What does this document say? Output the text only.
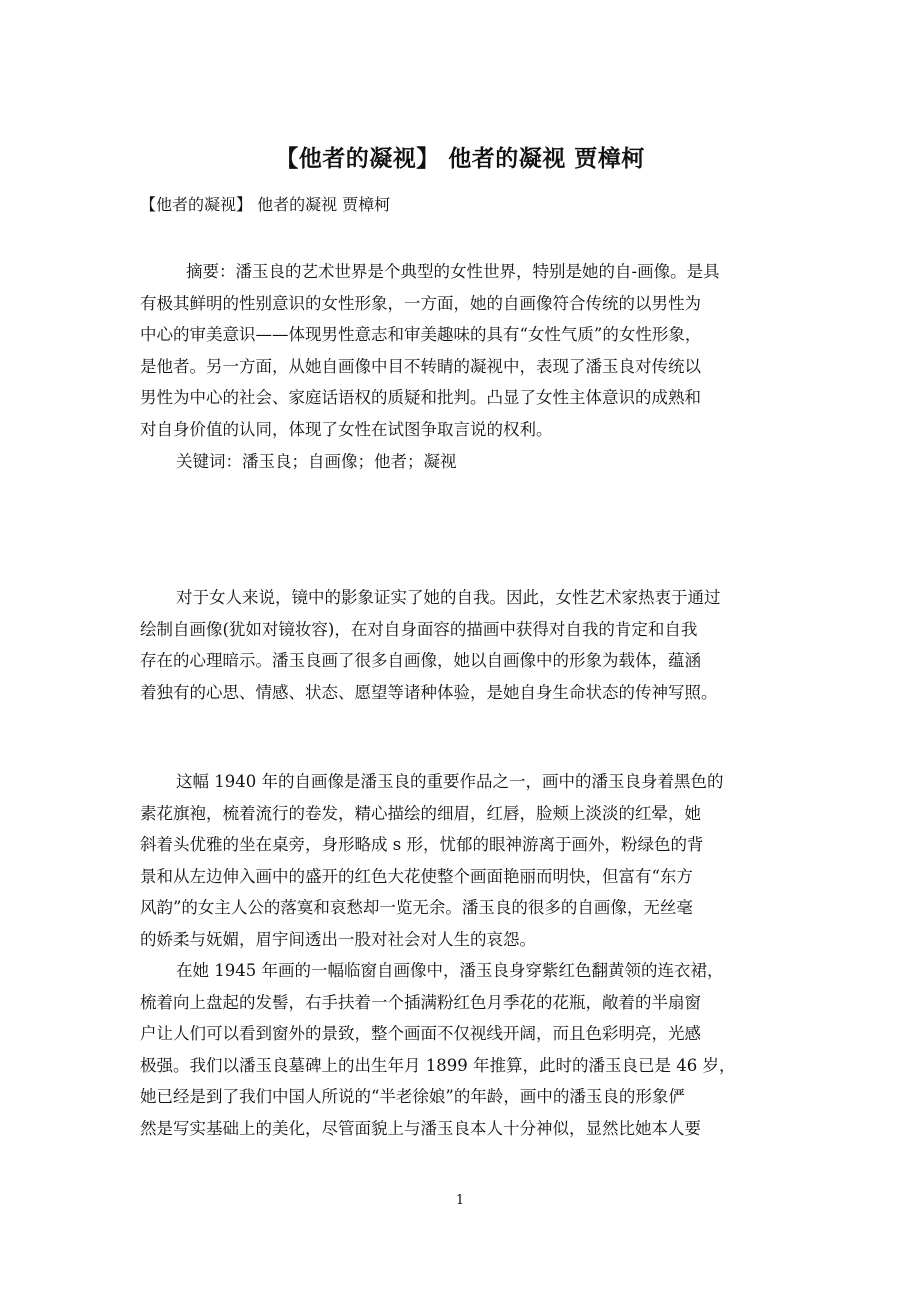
【他者的凝视】 他者的凝视 贾樟柯
【他者的凝视】 他者的凝视 贾樟柯
摘要：潘玉良的艺术世界是个典型的女性世界，特别是她的自-画像。是具
有极其鲜明的性别意识的女性形象，一方面，她的自画像符合传统的以男性为
中心的审美意识——体现男性意志和审美趣味的具有“女性气质”的女性形象，
是他者。另一方面，从她自画像中目不转睛的凝视中，表现了潘玉良对传统以
男性为中心的社会、家庭话语权的质疑和批判。凸显了女性主体意识的成熟和
对自身价值的认同，体现了女性在试图争取言说的权利。
关键词：潘玉良；自画像；他者；凝视
对于女人来说，镜中的影象证实了她的自我。因此，女性艺术家热衷于通过
绘制自画像(犹如对镜妆容)，在对自身面容的描画中获得对自我的肯定和自我
存在的心理暗示。潘玉良画了很多自画像，她以自画像中的形象为载体，蕴涵
着独有的心思、情感、状态、愿望等诸种体验，是她自身生命状态的传神写照。
这幅 1940 年的自画像是潘玉良的重要作品之一，画中的潘玉良身着黑色的
素花旗袍，梳着流行的卷发，精心描绘的细眉，红唇，脸颊上淡淡的红晕，她
斜着头优雅的坐在桌旁，身形略成 s 形，忧郁的眼神游离于画外，粉绿色的背
景和从左边伸入画中的盛开的红色大花使整个画面艳丽而明快，但富有“东方
风韵”的女主人公的落寞和哀愁却一览无余。潘玉良的很多的自画像，无丝毫
的娇柔与妩媚，眉宇间透出一股对社会对人生的哀怨。
在她 1945 年画的一幅临窗自画像中，潘玉良身穿紫红色翻黄领的连衣裙，
梳着向上盘起的发髻，右手扶着一个插满粉红色月季花的花瓶，敞着的半扇窗
户让人们可以看到窗外的景致，整个画面不仅视线开阔，而且色彩明亮，光感
极强。我们以潘玉良墓碑上的出生年月 1899 年推算，此时的潘玉良已是 46 岁，
她已经是到了我们中国人所说的“半老徐娘”的年龄，画中的潘玉良的形象俨
然是写实基础上的美化，尽管面貌上与潘玉良本人十分神似，显然比她本人要
1
